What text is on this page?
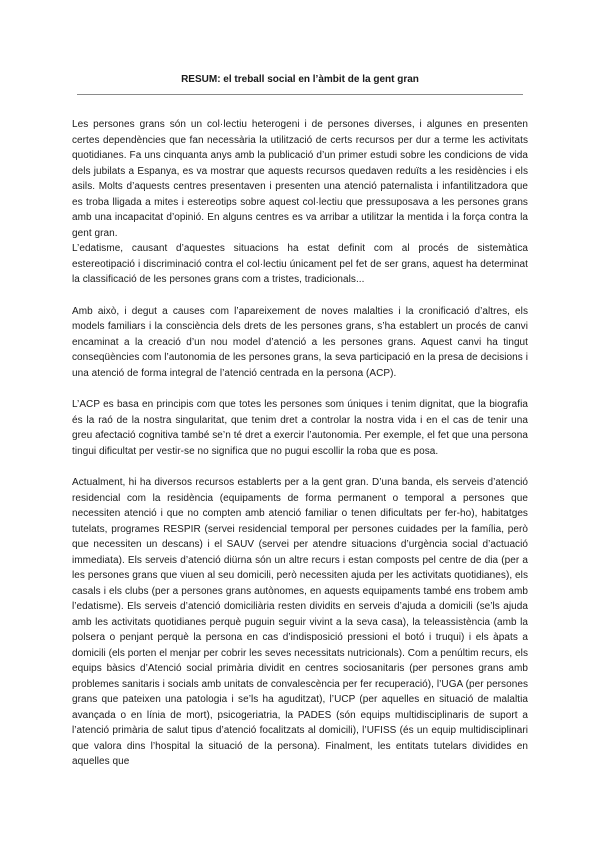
RESUM: el treball social en l’àmbit de la gent gran

Les persones grans són un col·lectiu heterogeni i de persones diverses, i algunes en presenten certes dependències que fan necessària la utilització de certs recursos per dur a terme les activitats quotidianes. Fa uns cinquanta anys amb la publicació d’un primer estudi sobre les condicions de vida dels jubilats a Espanya, es va mostrar que aquests recursos quedaven reduïts a les residències i els asils. Molts d’aquests centres presentaven i presenten una atenció paternalista i infantilitzadora que es troba lligada a mites i estereotips sobre aquest col·lectiu que pressuposava a les persones grans amb una incapacitat d’opinió. En alguns centres es va arribar a utilitzar la mentida i la força contra la gent gran.

L’edatisme, causant d’aquestes situacions ha estat definit com al procés de sistemàtica estereotipació i discriminació contra el col·lectiu únicament pel fet de ser grans, aquest ha determinat la classificació de les persones grans com a tristes, tradicionals...

Amb això, i degut a causes com l’apareixement de noves malalties i la cronificació d’altres, els models familiars i la consciència dels drets de les persones grans, s’ha establert un procés de canvi encaminat a la creació d’un nou model d’atenció a les persones grans. Aquest canvi ha tingut conseqüències com l’autonomia de les persones grans, la seva participació en la presa de decisions i una atenció de forma integral de l’atenció centrada en la persona (ACP).

L’ACP es basa en principis com que totes les persones som úniques i tenim dignitat, que la biografia és la raó de la nostra singularitat, que tenim dret a controlar la nostra vida i en el cas de tenir una greu afectació cognitiva també se’n té dret a exercir l’autonomia. Per exemple, el fet que una persona tingui dificultat per vestir-se no significa que no pugui escollir la roba que es posa.

Actualment, hi ha diversos recursos establerts per a la gent gran. D’una banda, els serveis d’atenció residencial com la residència (equipaments de forma permanent o temporal a persones que necessiten atenció i que no compten amb atenció familiar o tenen dificultats per fer-ho), habitatges tutelats, programes RESPIR (servei residencial temporal per persones cuidades per la família, però que necessiten un descans) i el SAUV (servei per atendre situacions d’urgència social d’actuació immediata). Els serveis d’atenció diürna són un altre recurs i estan composts pel centre de dia (per a les persones grans que viuen al seu domicili, però necessiten ajuda per les activitats quotidianes), els casals i els clubs (per a persones grans autònomes, en aquests equipaments també ens trobem amb l’edatisme). Els serveis d’atenció domiciliària resten dividits en serveis d’ajuda a domicili (se’ls ajuda amb les activitats quotidianes perquè puguin seguir vivint a la seva casa), la teleassistència (amb la polsera o penjant perquè la persona en cas d’indisposició pressioni el botó i truqui) i els àpats a domicili (els porten el menjar per cobrir les seves necessitats nutricionals). Com a penúltim recurs, els equips bàsics d’Atenció social primària dividit en centres sociosanitaris (per persones grans amb problemes sanitaris i socials amb unitats de convalescència per fer recuperació), l’UGA (per persones grans que pateixen una patologia i se’ls ha aguditzat), l’UCP (per aquelles en situació de malaltia avançada o en línia de mort), psicogeriatria, la PADES (són equips multidisciplinaris de suport a l’atenció primària de salut tipus d’atenció focalitzats al domicili), l’UFISS (és un equip multidisciplinari que valora dins l’hospital la situació de la persona). Finalment, les entitats tutelars dividides en aquelles que
